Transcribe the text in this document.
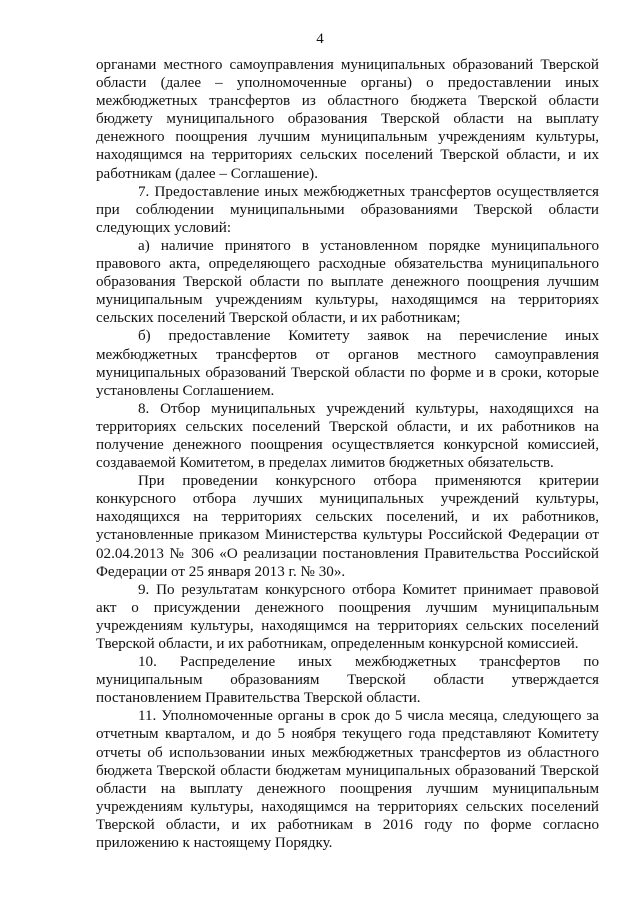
4

органами местного самоуправления муниципальных образований Тверской области (далее – уполномоченные органы) о предоставлении иных межбюджетных трансфертов из областного бюджета Тверской области бюджету муниципального образования Тверской области на выплату денежного поощрения лучшим муниципальным учреждениям культуры, находящимся на территориях сельских поселений Тверской области, и их работникам (далее – Соглашение).

7. Предоставление иных межбюджетных трансфертов осуществляется при соблюдении муниципальными образованиями Тверской области следующих условий:

а) наличие принятого в установленном порядке муниципального правового акта, определяющего расходные обязательства муниципального образования Тверской области по выплате денежного поощрения лучшим муниципальным учреждениям культуры, находящимся на территориях сельских поселений Тверской области, и их работникам;

б) предоставление Комитету заявок на перечисление иных межбюджетных трансфертов от органов местного самоуправления муниципальных образований Тверской области по форме и в сроки, которые установлены Соглашением.

8. Отбор муниципальных учреждений культуры, находящихся на территориях сельских поселений Тверской области, и их работников на получение денежного поощрения осуществляется конкурсной комиссией, создаваемой Комитетом, в пределах лимитов бюджетных обязательств.

При проведении конкурсного отбора применяются критерии конкурсного отбора лучших муниципальных учреждений культуры, находящихся на территориях сельских поселений, и их работников, установленные приказом Министерства культуры Российской Федерации от 02.04.2013 № 306 «О реализации постановления Правительства Российской Федерации от 25 января 2013 г. № 30».

9. По результатам конкурсного отбора Комитет принимает правовой акт о присуждении денежного поощрения лучшим муниципальным учреждениям культуры, находящимся на территориях сельских поселений Тверской области, и их работникам, определенным конкурсной комиссией.

10. Распределение иных межбюджетных трансфертов по муниципальным образованиям Тверской области утверждается постановлением Правительства Тверской области.

11. Уполномоченные органы в срок до 5 числа месяца, следующего за отчетным кварталом, и до 5 ноября текущего года представляют Комитету отчеты об использовании иных межбюджетных трансфертов из областного бюджета Тверской области бюджетам муниципальных образований Тверской области на выплату денежного поощрения лучшим муниципальным учреждениям культуры, находящимся на территориях сельских поселений Тверской области, и их работникам в 2016 году по форме согласно приложению к настоящему Порядку.
